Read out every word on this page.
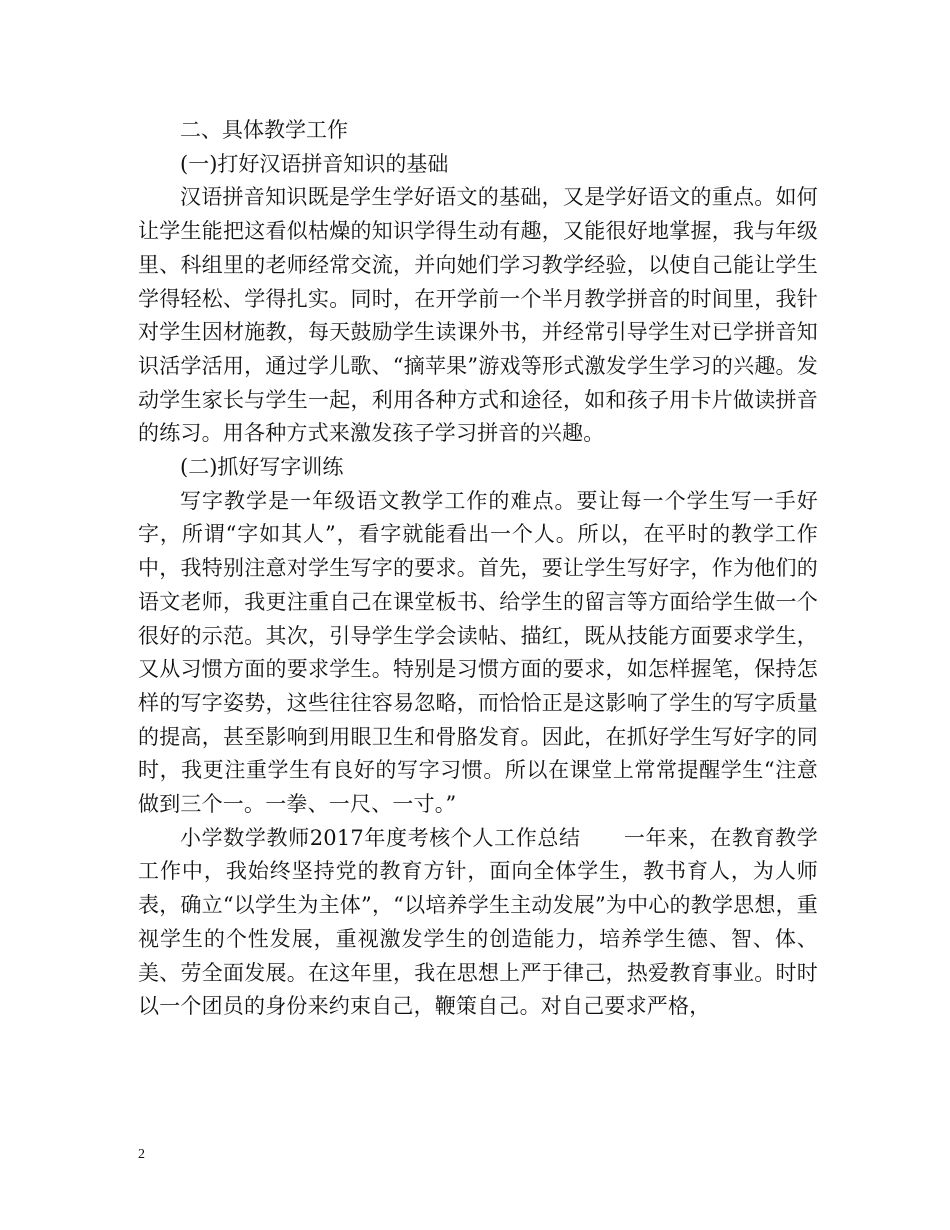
二、具体教学工作

(一)打好汉语拼音知识的基础

汉语拼音知识既是学生学好语文的基础，又是学好语文的重点。如何让学生能把这看似枯燥的知识学得生动有趣，又能很好地掌握，我与年级里、科组里的老师经常交流，并向她们学习教学经验，以使自己能让学生学得轻松、学得扎实。同时，在开学前一个半月教学拼音的时间里，我针对学生因材施教，每天鼓励学生读课外书，并经常引导学生对已学拼音知识活学活用，通过学儿歌、“摘苹果”游戏等形式激发学生学习的兴趣。发动学生家长与学生一起，利用各种方式和途径，如和孩子用卡片做读拼音的练习。用各种方式来激发孩子学习拼音的兴趣。

(二)抓好写字训练

写字教学是一年级语文教学工作的难点。要让每一个学生写一手好字，所谓“字如其人”，看字就能看出一个人。所以，在平时的教学工作中，我特别注意对学生写字的要求。首先，要让学生写好字，作为他们的语文老师，我更注重自己在课堂板书、给学生的留言等方面给学生做一个很好的示范。其次，引导学生学会读帖、描红，既从技能方面要求学生，又从习惯方面的要求学生。特别是习惯方面的要求，如怎样握笔，保持怎样的写字姿势，这些往往容易忽略，而恰恰正是这影响了学生的写字质量的提高，甚至影响到用眼卫生和骨胳发育。因此，在抓好学生写好字的同时，我更注重学生有良好的写字习惯。所以在课堂上常常提醒学生“注意做到三个一。一拳、一尺、一寸。”

小学数学教师2017年度考核个人工作总结　　一年来，在教育教学工作中，我始终坚持党的教育方针，面向全体学生，教书育人，为人师表，确立“以学生为主体”，“以培养学生主动发展”为中心的教学思想，重视学生的个性发展，重视激发学生的创造能力，培养学生德、智、体、美、劳全面发展。在这年里，我在思想上严于律己，热爱教育事业。时时以一个团员的身份来约束自己，鞭策自己。对自己要求严格，

2
